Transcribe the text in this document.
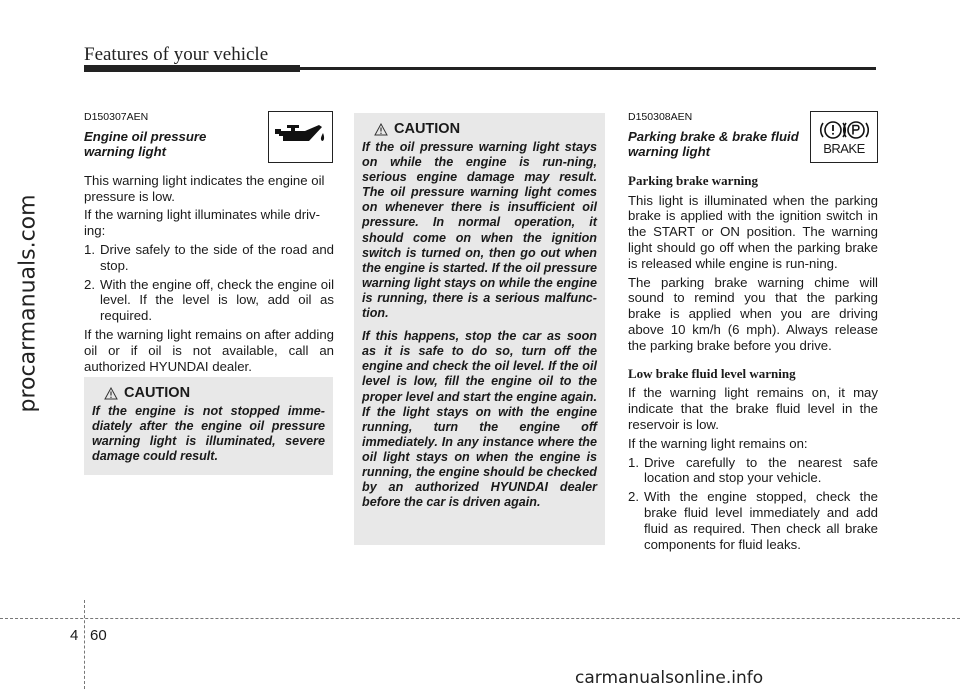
Features of your vehicle
procarmanuals.com
D150307AEN
Engine oil pressure warning light

This warning light indicates the engine oil pressure is low.

If the warning light illuminates while driv-ing:

1. Drive safely to the side of the road and stop.
2. With the engine off, check the engine oil level. If the level is low, add oil as required.

If the warning light remains on after adding oil or if oil is not available, call an authorized HYUNDAI dealer.

CAUTION
If the engine is not stopped imme-diately after the engine oil pressure warning light is illuminated, severe damage could result.
CAUTION

If the oil pressure warning light stays on while the engine is run-ning, serious engine damage may result. The oil pressure warning light comes on whenever there is insufficient oil pressure. In normal operation, it should come on when the ignition switch is turned on, then go out when the engine is started. If the oil pressure warning light stays on while the engine is running, there is a serious malfunc-tion.

If this happens, stop the car as soon as it is safe to do so, turn off the engine and check the oil level. If the oil level is low, fill the engine oil to the proper level and start the engine again. If the light stays on with the engine running, turn the engine off immediately. In any instance where the oil light stays on when the engine is running, the engine should be checked by an authorized HYUNDAI dealer before the car is driven again.

D150308AEN
Parking brake & brake fluid warning light
Parking brake warning

This light is illuminated when the parking brake is applied with the ignition switch in the START or ON position. The warning light should go off when the parking brake is released while engine is run-ning.

The parking brake warning chime will sound to remind you that the parking brake is applied when you are driving above 10 km/h (6 mph). Always release the parking brake before you drive.

Low brake fluid level warning

If the warning light remains on, it may indicate that the brake fluid level in the reservoir is low.

If the warning light remains on:

1. Drive carefully to the nearest safe location and stop your vehicle.
2. With the engine stopped, check the brake fluid level immediately and add fluid as required. Then check all brake components for fluid leaks.
BRAKE
4 60
carmanualsonline.info
